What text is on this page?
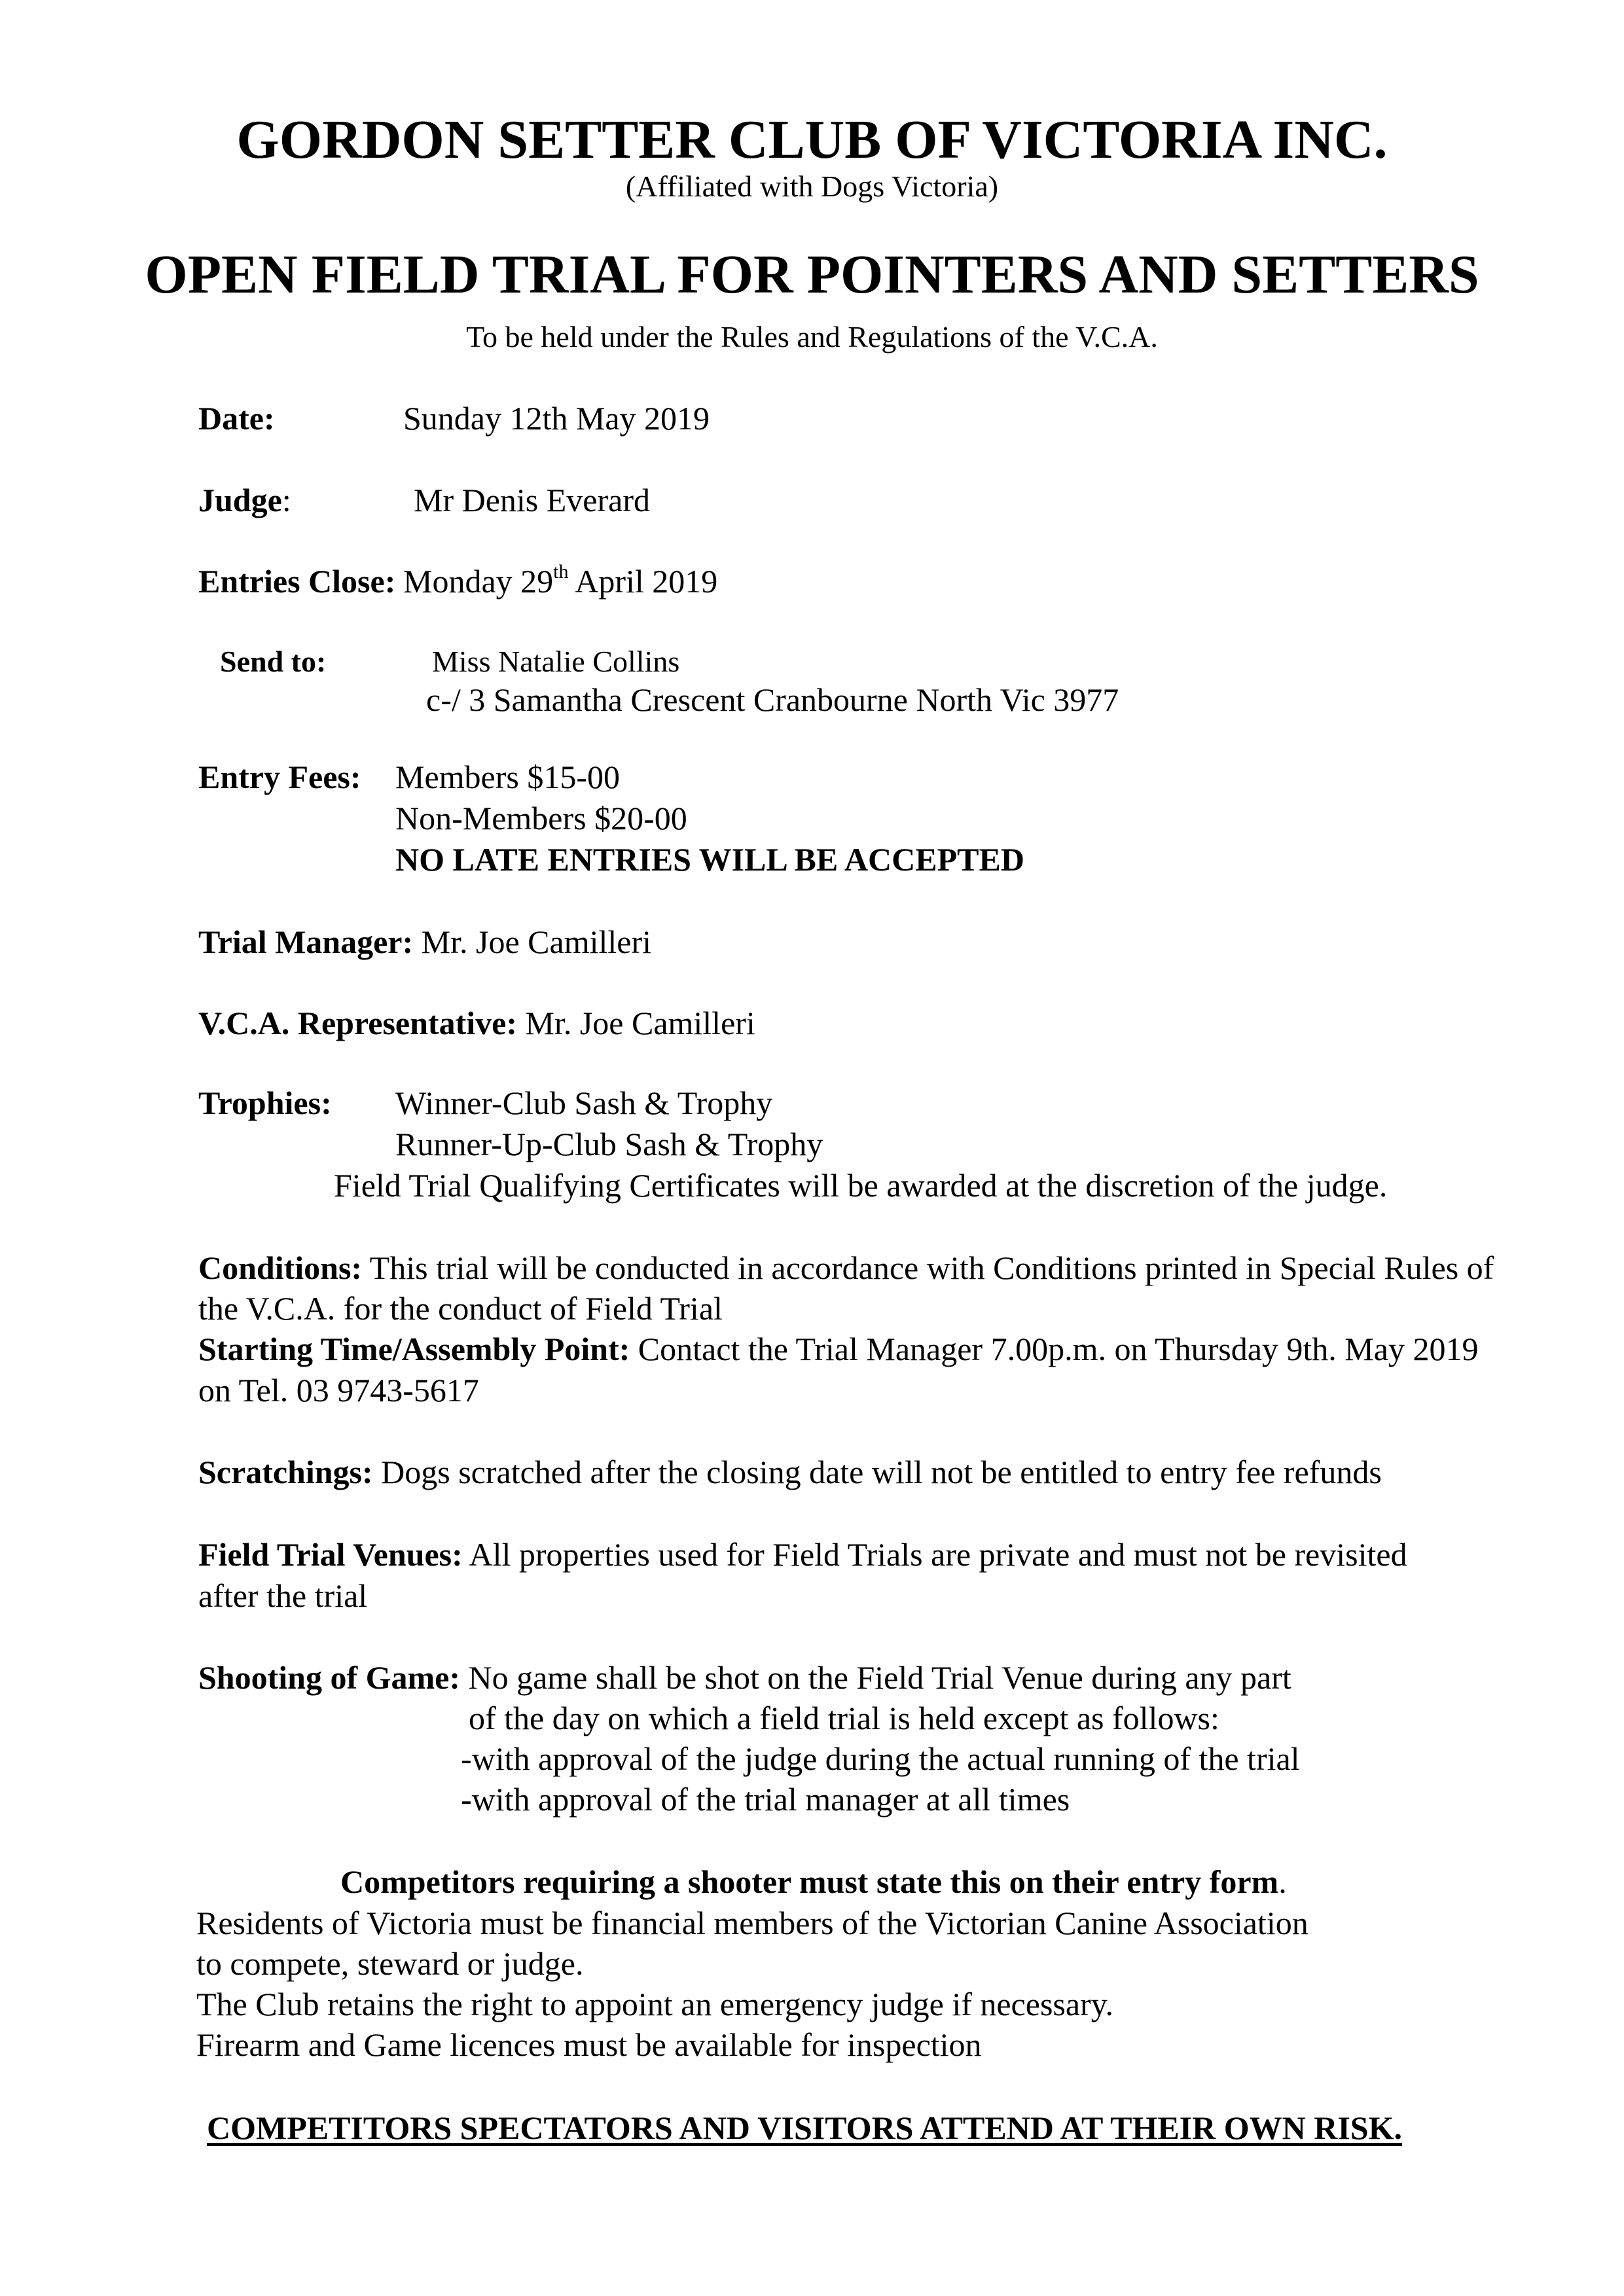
GORDON SETTER CLUB OF VICTORIA INC.
(Affiliated with Dogs Victoria)
OPEN FIELD TRIAL FOR POINTERS AND SETTERS
To be held under the Rules and Regulations of the V.C.A.
Date:	Sunday 12th May 2019
Judge:	Mr Denis Everard
Entries Close: Monday 29th April 2019
Send to:	Miss Natalie Collins
c-/ 3 Samantha Crescent Cranbourne North Vic 3977
Entry Fees: Members $15-00
Non-Members $20-00
NO LATE ENTRIES WILL BE ACCEPTED
Trial Manager: Mr. Joe Camilleri
V.C.A. Representative: Mr. Joe Camilleri
Trophies: Winner-Club Sash & Trophy
Runner-Up-Club Sash & Trophy
Field Trial Qualifying Certificates will be awarded at the discretion of the judge.
Conditions: This trial will be conducted in accordance with Conditions printed in Special Rules of
the V.C.A. for the conduct of Field Trial
Starting Time/Assembly Point: Contact the Trial Manager 7.00p.m. on Thursday 9th. May 2019
on Tel. 03 9743-5617
Scratchings: Dogs scratched after the closing date will not be entitled to entry fee refunds
Field Trial Venues: All properties used for Field Trials are private and must not be revisited
after the trial
Shooting of Game: No game shall be shot on the Field Trial Venue during any part
of the day on which a field trial is held except as follows:
-with approval of the judge during the actual running of the trial
-with approval of the trial manager at all times
Competitors requiring a shooter must state this on their entry form.
Residents of Victoria must be financial members of the Victorian Canine Association
to compete, steward or judge.
The Club retains the right to appoint an emergency judge if necessary.
Firearm and Game licences must be available for inspection
COMPETITORS SPECTATORS AND VISITORS ATTEND AT THEIR OWN RISK.
